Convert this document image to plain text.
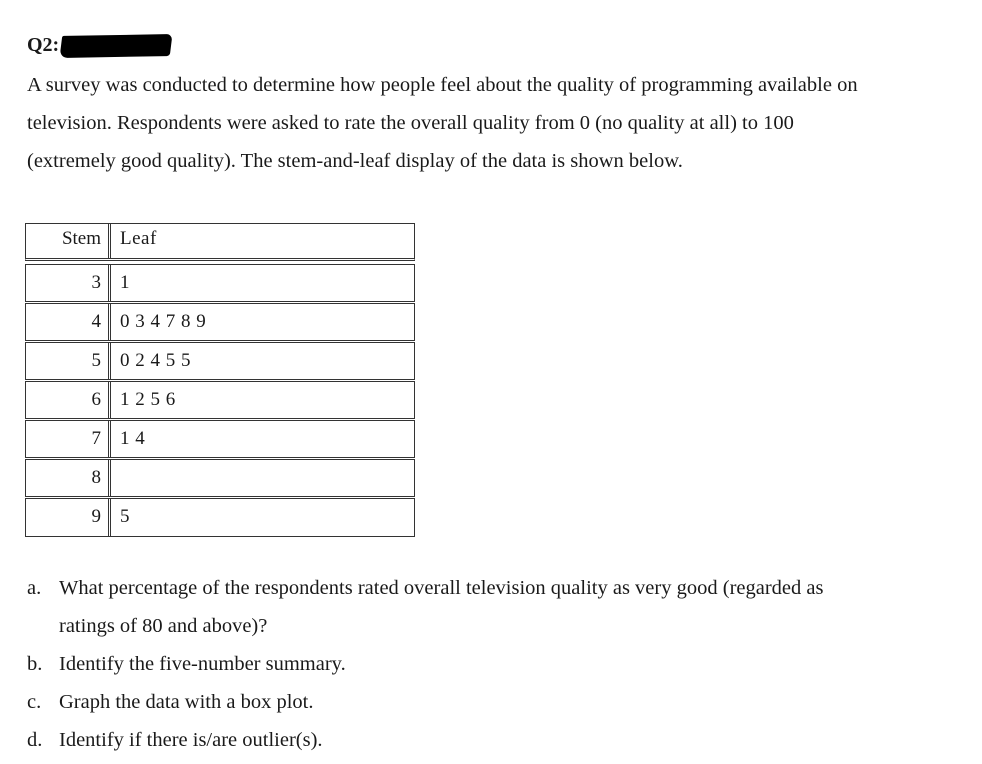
Q2:
A survey was conducted to determine how people feel about the quality of programming available on
television. Respondents were asked to rate the overall quality from 0 (no quality at all) to 100
(extremely good quality). The stem-and-leaf display of the data is shown below.
Stem	Leaf
3	1
4	0 3 4 7 8 9
5	0 2 4 5 5
6	1 2 5 6
7	1 4
8
9	5
a. What percentage of the respondents rated overall television quality as very good (regarded as
ratings of 80 and above)?
b. Identify the five-number summary.
c. Graph the data with a box plot.
d. Identify if there is/are outlier(s).
